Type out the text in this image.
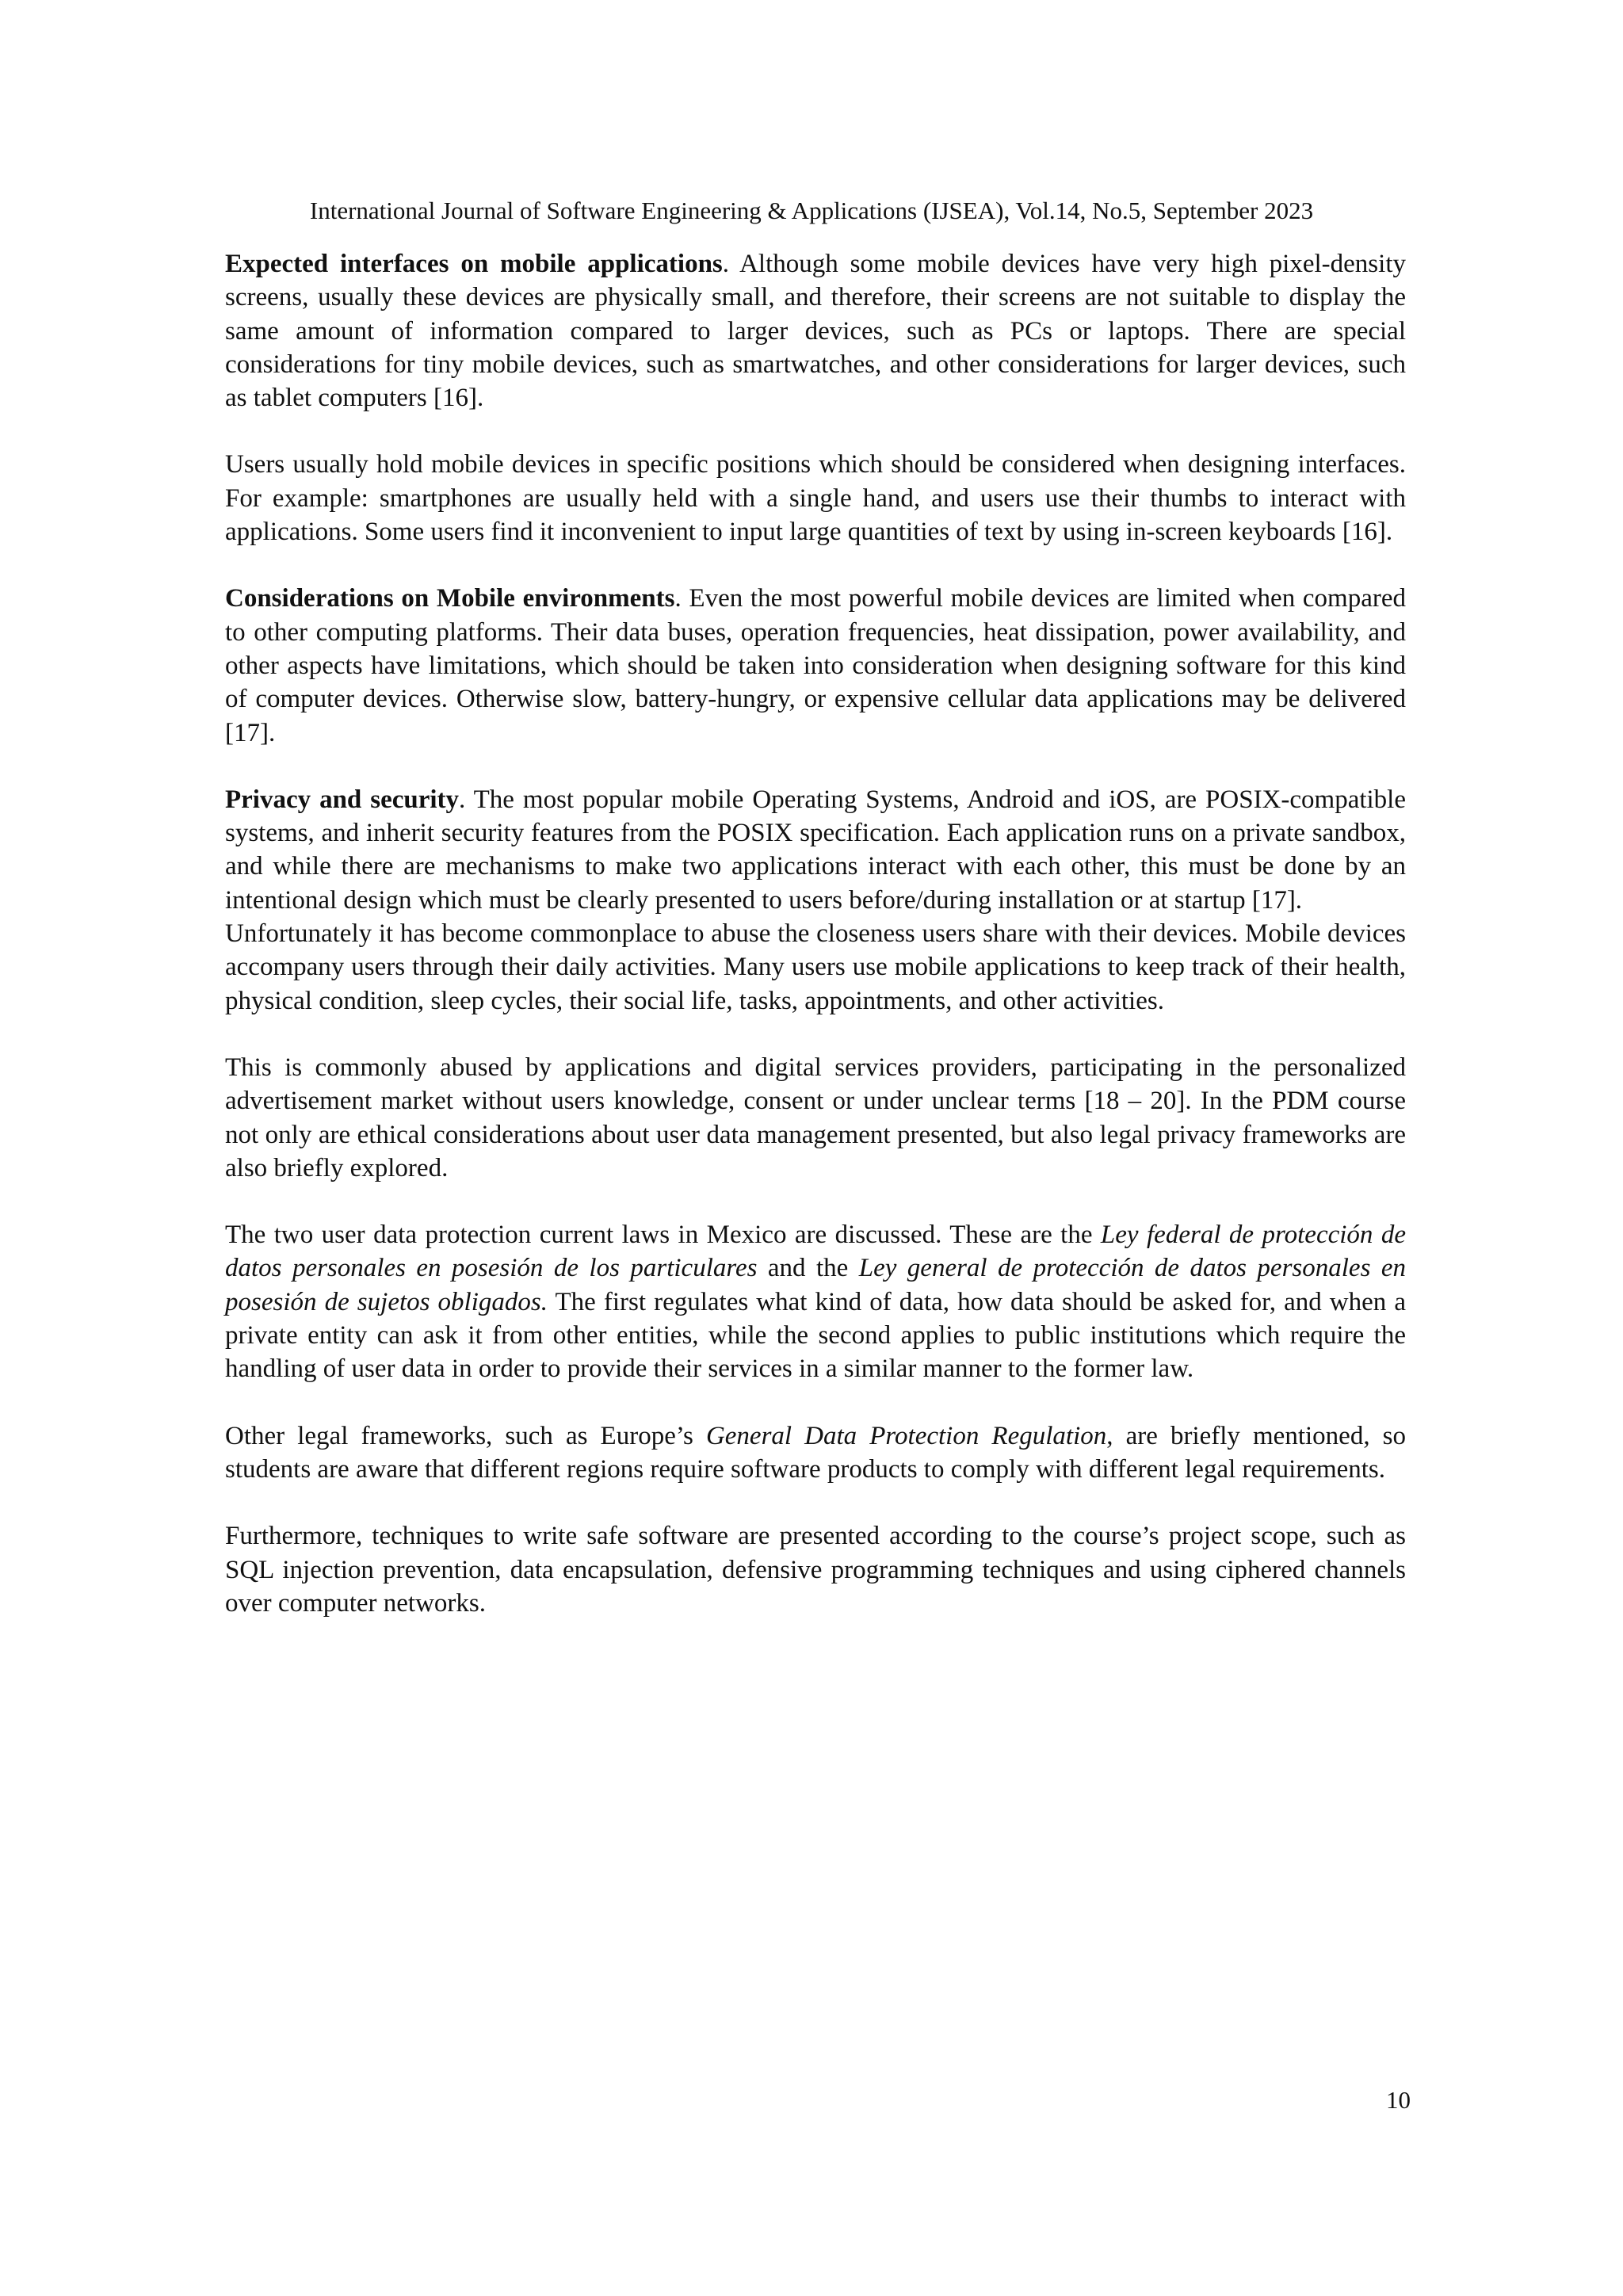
International Journal of Software Engineering & Applications (IJSEA), Vol.14, No.5, September 2023

Expected interfaces on mobile applications. Although some mobile devices have very high pixel-density screens, usually these devices are physically small, and therefore, their screens are not suitable to display the same amount of information compared to larger devices, such as PCs or laptops. There are special considerations for tiny mobile devices, such as smartwatches, and other considerations for larger devices, such as tablet computers [16].

Users usually hold mobile devices in specific positions which should be considered when designing interfaces. For example: smartphones are usually held with a single hand, and users use their thumbs to interact with applications. Some users find it inconvenient to input large quantities of text by using in-screen keyboards [16].

Considerations on Mobile environments. Even the most powerful mobile devices are limited when compared to other computing platforms. Their data buses, operation frequencies, heat dissipation, power availability, and other aspects have limitations, which should be taken into consideration when designing software for this kind of computer devices. Otherwise slow, battery-hungry, or expensive cellular data applications may be delivered [17].

Privacy and security. The most popular mobile Operating Systems, Android and iOS, are POSIX-compatible systems, and inherit security features from the POSIX specification. Each application runs on a private sandbox, and while there are mechanisms to make two applications interact with each other, this must be done by an intentional design which must be clearly presented to users before/during installation or at startup [17].

Unfortunately it has become commonplace to abuse the closeness users share with their devices. Mobile devices accompany users through their daily activities. Many users use mobile applications to keep track of their health, physical condition, sleep cycles, their social life, tasks, appointments, and other activities.

This is commonly abused by applications and digital services providers, participating in the personalized advertisement market without users knowledge, consent or under unclear terms [18 – 20]. In the PDM course not only are ethical considerations about user data management presented, but also legal privacy frameworks are also briefly explored.

The two user data protection current laws in Mexico are discussed. These are the Ley federal de protección de datos personales en posesión de los particulares and the Ley general de protección de datos personales en posesión de sujetos obligados. The first regulates what kind of data, how data should be asked for, and when a private entity can ask it from other entities, while the second applies to public institutions which require the handling of user data in order to provide their services in a similar manner to the former law.

Other legal frameworks, such as Europe’s General Data Protection Regulation, are briefly mentioned, so students are aware that different regions require software products to comply with different legal requirements.

Furthermore, techniques to write safe software are presented according to the course’s project scope, such as SQL injection prevention, data encapsulation, defensive programming techniques and using ciphered channels over computer networks.

10
